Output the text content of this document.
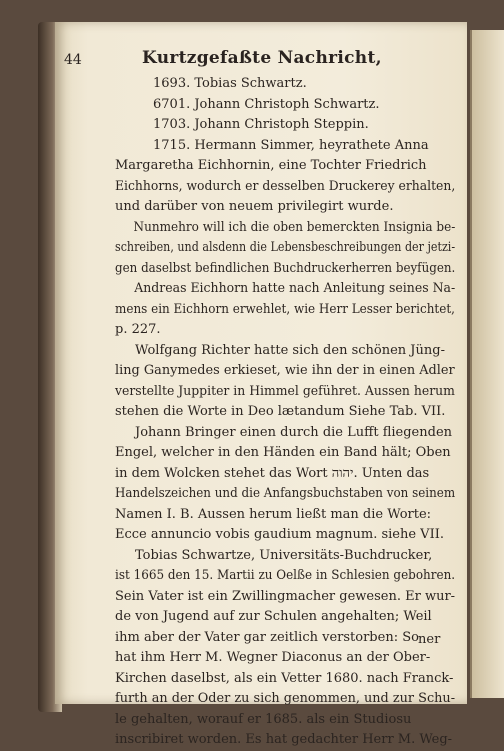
44	Kurtzgefaßte Nachricht,
1693. Tobias Schwartz.
6701. Johann Christoph Schwartz.
1703. Johann Christoph Steppin.
1715. Hermann Simmer, heyrathete Anna
Margaretha Eichhornin, eine Tochter Friedrich
Eichhorns, wodurch er desselben Druckerey erhalten,
und darüber von neuem privilegirt wurde.
Nunmehro will ich die oben bemerckten Insignia be-
schreiben, und alsdenn die Lebensbeschreibungen der jetzi-
gen daselbst befindlichen Buchdruckerherren beyfügen.
Andreas Eichhorn hatte nach Anleitung seines Na-
mens ein Eichhorn erwehlet, wie Herr Lesser berichtet,
p. 227.
Wolfgang Richter hatte sich den schönen Jüng-
ling Ganymedes erkieset, wie ihn der in einen Adler
verstellte Juppiter in Himmel geführet. Aussen herum
stehen die Worte in Deo lætandum Siehe Tab. VII.
Johann Bringer einen durch die Lufft fliegenden
Engel, welcher in den Händen ein Band hält; Oben
in dem Wolcken stehet das Wort יהוה. Unten das
Handelszeichen und die Anfangsbuchstaben von seinem
Namen I. B. Aussen herum ließt man die Worte:
Ecce annuncio vobis gaudium magnum. siehe VII.
Tobias Schwartze, Universitäts-Buchdrucker,
ist 1665 den 15. Martii zu Oelße in Schlesien gebohren.
Sein Vater ist ein Zwillingmacher gewesen. Er wur-
de von Jugend auf zur Schulen angehalten; Weil
ihm aber der Vater gar zeitlich verstorben: So
hat ihm Herr M. Wegner Diaconus an der Ober-
Kirchen daselbst, als ein Vetter 1680. nach Franck-
furth an der Oder zu sich genommen, und zur Schu-
le gehalten, worauf er 1685. als ein Studiosu
inscribiret worden. Es hat gedachter Herr M. Weg-
ner
